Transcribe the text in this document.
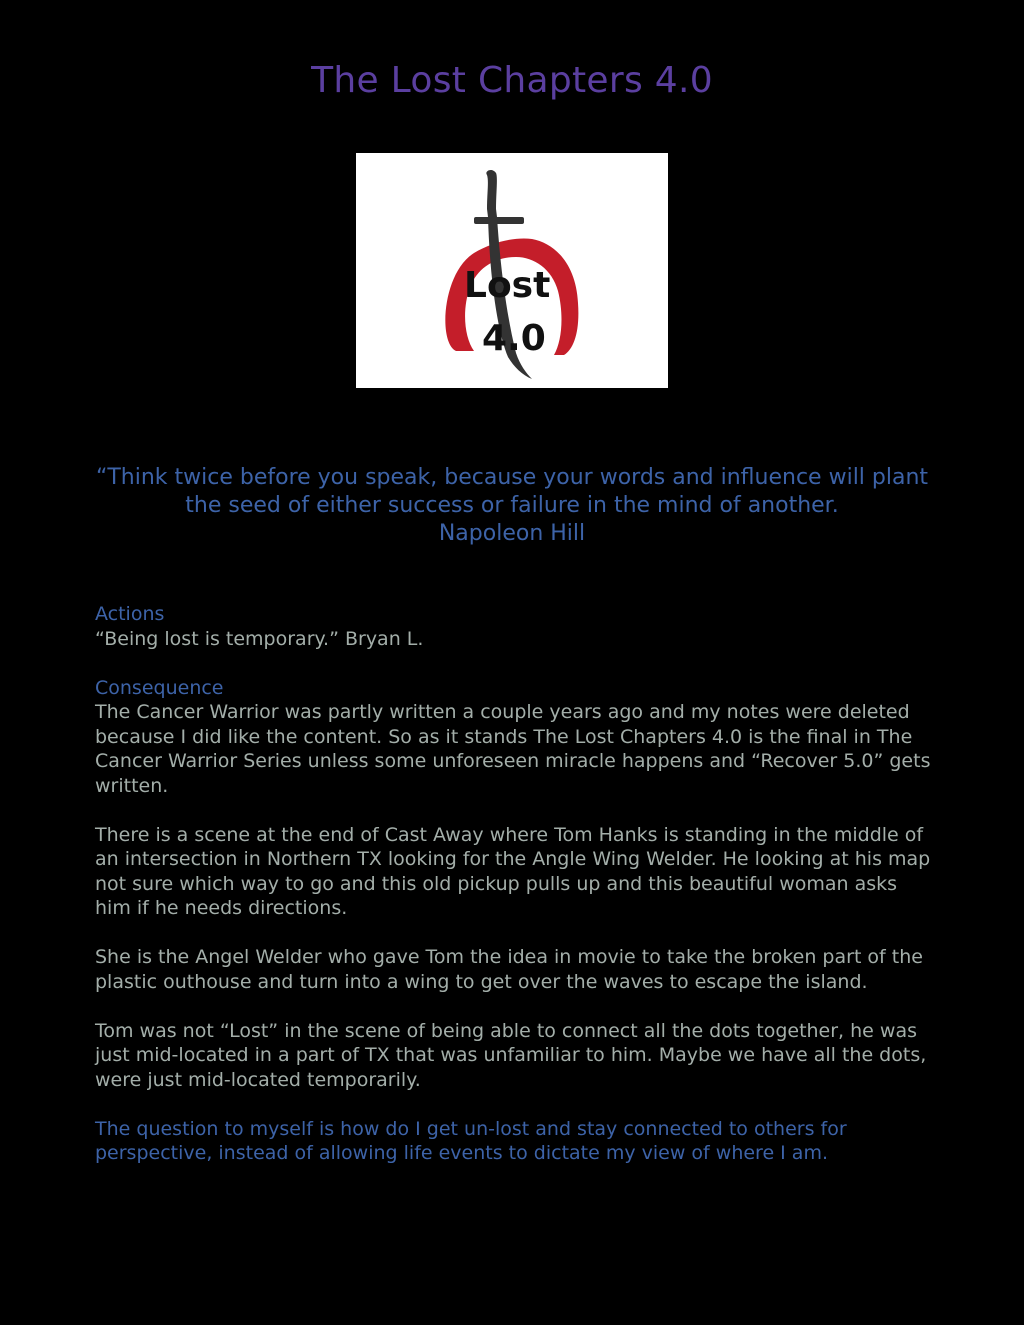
The Lost Chapters 4.0
Lost
4.0

“Think twice before you speak, because your words and influence will plant the seed of either success or failure in the mind of another.

Napoleon Hill

Actions

“Being lost is temporary.” Bryan L.

Consequence

The Cancer Warrior was partly written a couple years ago and my notes were deleted because I did like the content. So as it stands The Lost Chapters 4.0 is the final in The Cancer Warrior Series unless some unforeseen miracle happens and “Recover 5.0” gets written.

There is a scene at the end of Cast Away where Tom Hanks is standing in the middle of an intersection in Northern TX looking for the Angle Wing Welder. He looking at his map not sure which way to go and this old pickup pulls up and this beautiful woman asks him if he needs directions.

She is the Angel Welder who gave Tom the idea in movie to take the broken part of the plastic outhouse and turn into a wing to get over the waves to escape the island.

Tom was not “Lost” in the scene of being able to connect all the dots together, he was just mid-located in a part of TX that was unfamiliar to him. Maybe we have all the dots, were just mid-located temporarily.

The question to myself is how do I get un-lost and stay connected to others for perspective, instead of allowing life events to dictate my view of where I am.
